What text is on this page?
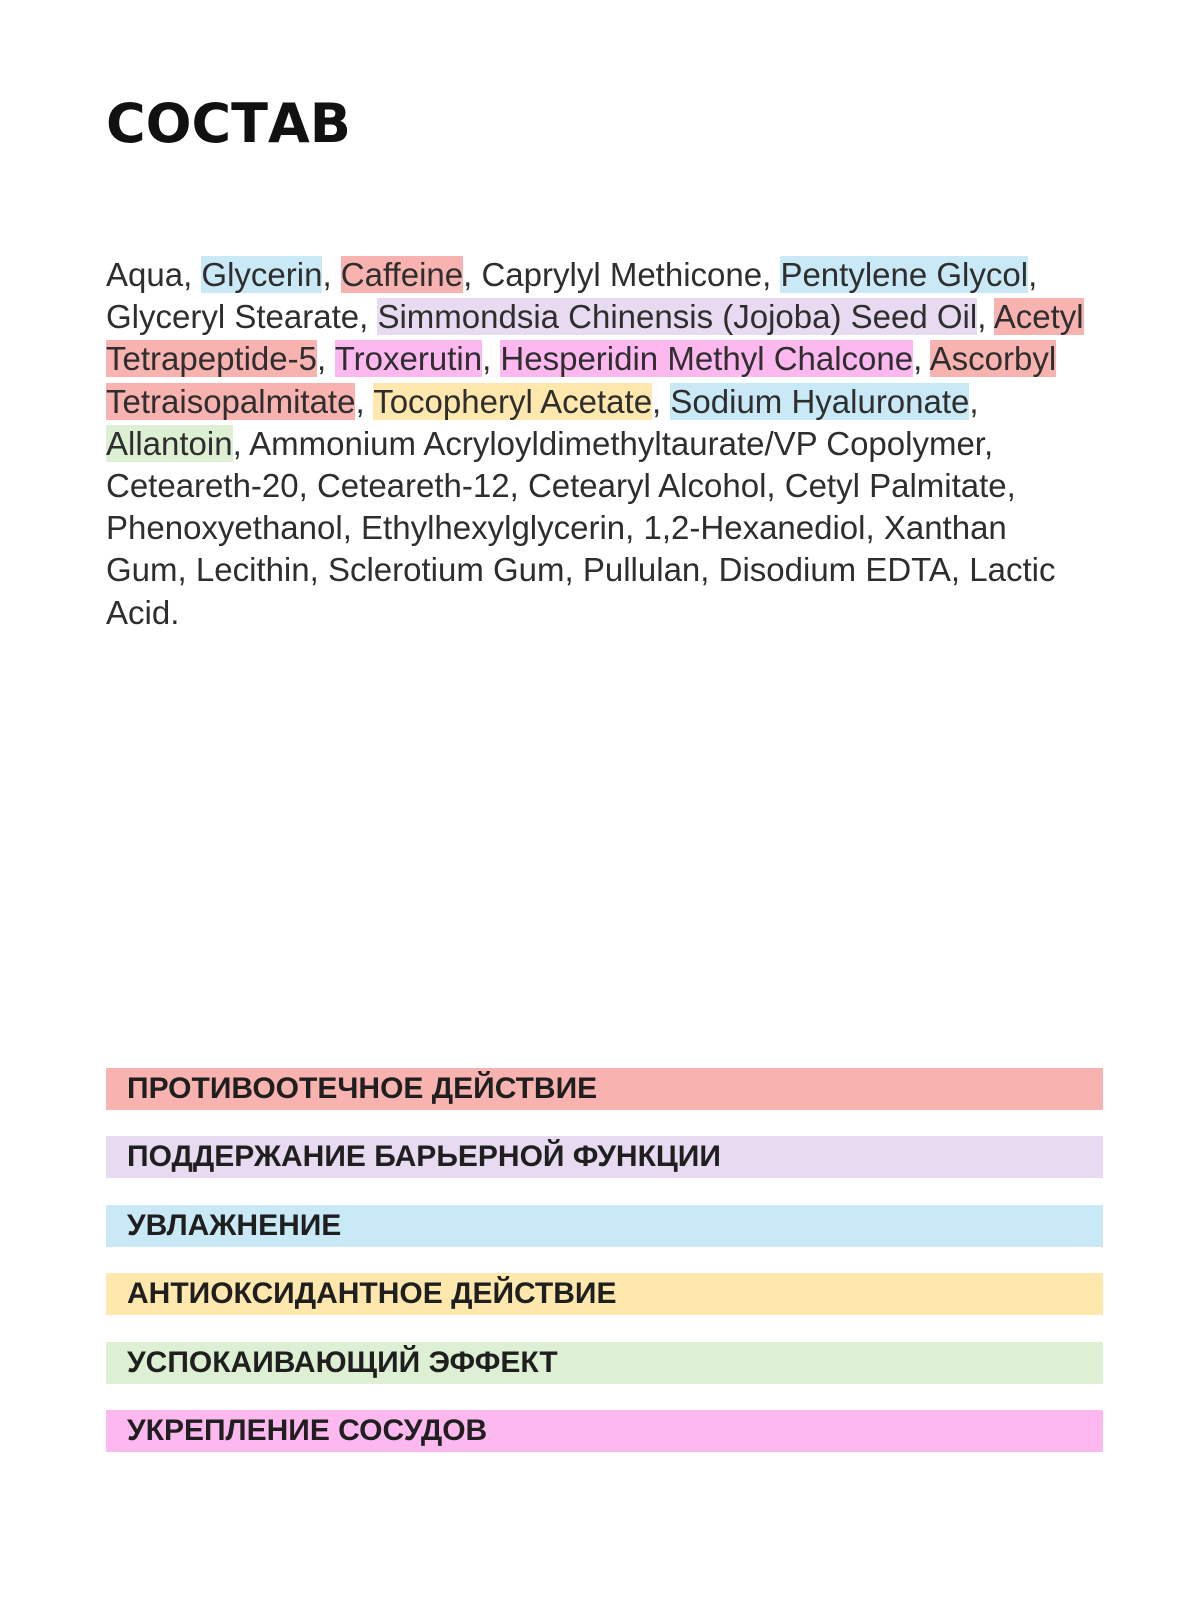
СОСТАВ

Aqua, Glycerin, Caffeine, Caprylyl Methicone, Pentylene Glycol, Glyceryl Stearate, Simmondsia Chinensis (Jojoba) Seed Oil, Acetyl Tetrapeptide-5, Troxerutin, Hesperidin Methyl Chalcone, Ascorbyl Tetraisopalmitate, Tocopheryl Acetate, Sodium Hyaluronate, Allantoin, Ammonium Acryloyldimethyltaurate/VP Copolymer, Ceteareth-20, Ceteareth-12, Cetearyl Alcohol, Cetyl Palmitate, Phenoxyethanol, Ethylhexylglycerin, 1,2-Hexanediol, Xanthan Gum, Lecithin, Sclerotium Gum, Pullulan, Disodium EDTA, Lactic Acid.

ПРОТИВООТЕЧНОЕ ДЕЙСТВИЕ
ПОДДЕРЖАНИЕ БАРЬЕРНОЙ ФУНКЦИИ
УВЛАЖНЕНИЕ
АНТИОКСИДАНТНОЕ ДЕЙСТВИЕ
УСПОКАИВАЮЩИЙ ЭФФЕКТ
УКРЕПЛЕНИЕ СОСУДОВ
